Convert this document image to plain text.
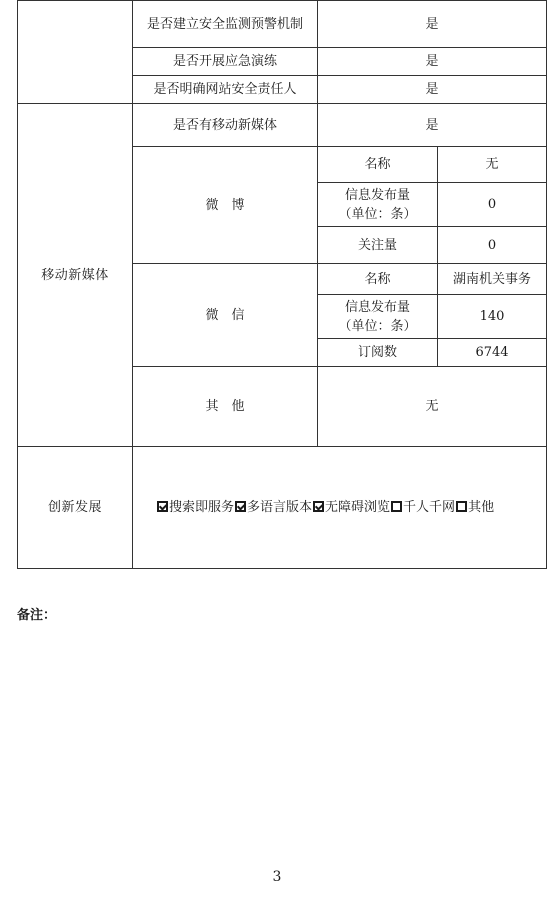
	是否建立安全监测预警机制	是	
	是否开展应急演练	是	
	是否明确网站安全责任人	是	
移动新媒体	是否有移动新媒体	是	
	微　博	名称	无

		信息发布量
（单位：条）	0
		关注量	0
	微　信	名称	湖南机关事务

		信息发布量
（单位：条）	140
		订阅数	6744
	其　他	无	
创新发展	搜索即服务 多语言版本 无障碍浏览 千人千网 其他		
备注：
3
